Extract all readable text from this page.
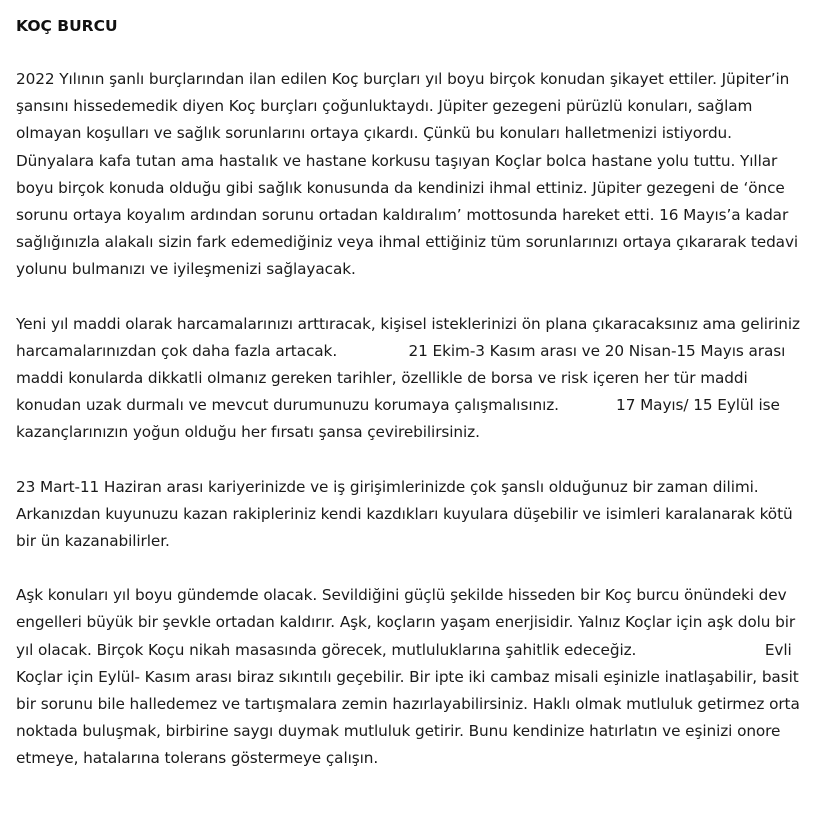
KOÇ BURCU

2022 Yılının şanlı burçlarından ilan edilen Koç burçları yıl boyu birçok konudan şikayet ettiler. Jüpiter’in şansını hissedemedik diyen Koç burçları çoğunluktaydı. Jüpiter gezegeni pürüzlü konuları, sağlam olmayan koşulları ve sağlık sorunlarını ortaya çıkardı. Çünkü bu konuları halletmenizi istiyordu. Dünyalara kafa tutan ama hastalık ve hastane korkusu taşıyan Koçlar bolca hastane yolu tuttu. Yıllar boyu birçok konuda olduğu gibi sağlık konusunda da kendinizi ihmal ettiniz. Jüpiter gezegeni de ‘önce sorunu ortaya koyalım ardından sorunu ortadan kaldıralım’ mottosunda hareket etti. 16 Mayıs’a kadar sağlığınızla alakalı sizin fark edemediğiniz veya ihmal ettiğiniz tüm sorunlarınızı ortaya çıkararak tedavi yolunu bulmanızı ve iyileşmenizi sağlayacak.

Yeni yıl maddi olarak harcamalarınızı arttıracak, kişisel isteklerinizi ön plana çıkaracaksınız ama geliriniz harcamalarınızdan çok daha fazla artacak.               21 Ekim-3 Kasım arası ve 20 Nisan-15 Mayıs arası maddi konularda dikkatli olmanız gereken tarihler, özellikle de borsa ve risk içeren her tür maddi konudan uzak durmalı ve mevcut durumunuzu korumaya çalışmalısınız.            17 Mayıs/ 15 Eylül ise kazançlarınızın yoğun olduğu her fırsatı şansa çevirebilirsiniz.

23 Mart-11 Haziran arası kariyerinizde ve iş girişimlerinizde çok şanslı olduğunuz bir zaman dilimi. Arkanızdan kuyunuzu kazan rakipleriniz kendi kazdıkları kuyulara düşebilir ve isimleri karalanarak kötü bir ün kazanabilirler.

Aşk konuları yıl boyu gündemde olacak. Sevildiğini güçlü şekilde hisseden bir Koç burcu önündeki dev engelleri büyük bir şevkle ortadan kaldırır. Aşk, koçların yaşam enerjisidir. Yalnız Koçlar için aşk dolu bir yıl olacak. Birçok Koçu nikah masasında görecek, mutluluklarına şahitlik edeceğiz.                           Evli Koçlar için Eylül- Kasım arası biraz sıkıntılı geçebilir. Bir ipte iki cambaz misali eşinizle inatlaşabilir, basit bir sorunu bile halledemez ve tartışmalara zemin hazırlayabilirsiniz. Haklı olmak mutluluk getirmez orta noktada buluşmak, birbirine saygı duymak mutluluk getirir. Bunu kendinize hatırlatın ve eşinizi onore etmeye, hatalarına tolerans göstermeye çalışın.
